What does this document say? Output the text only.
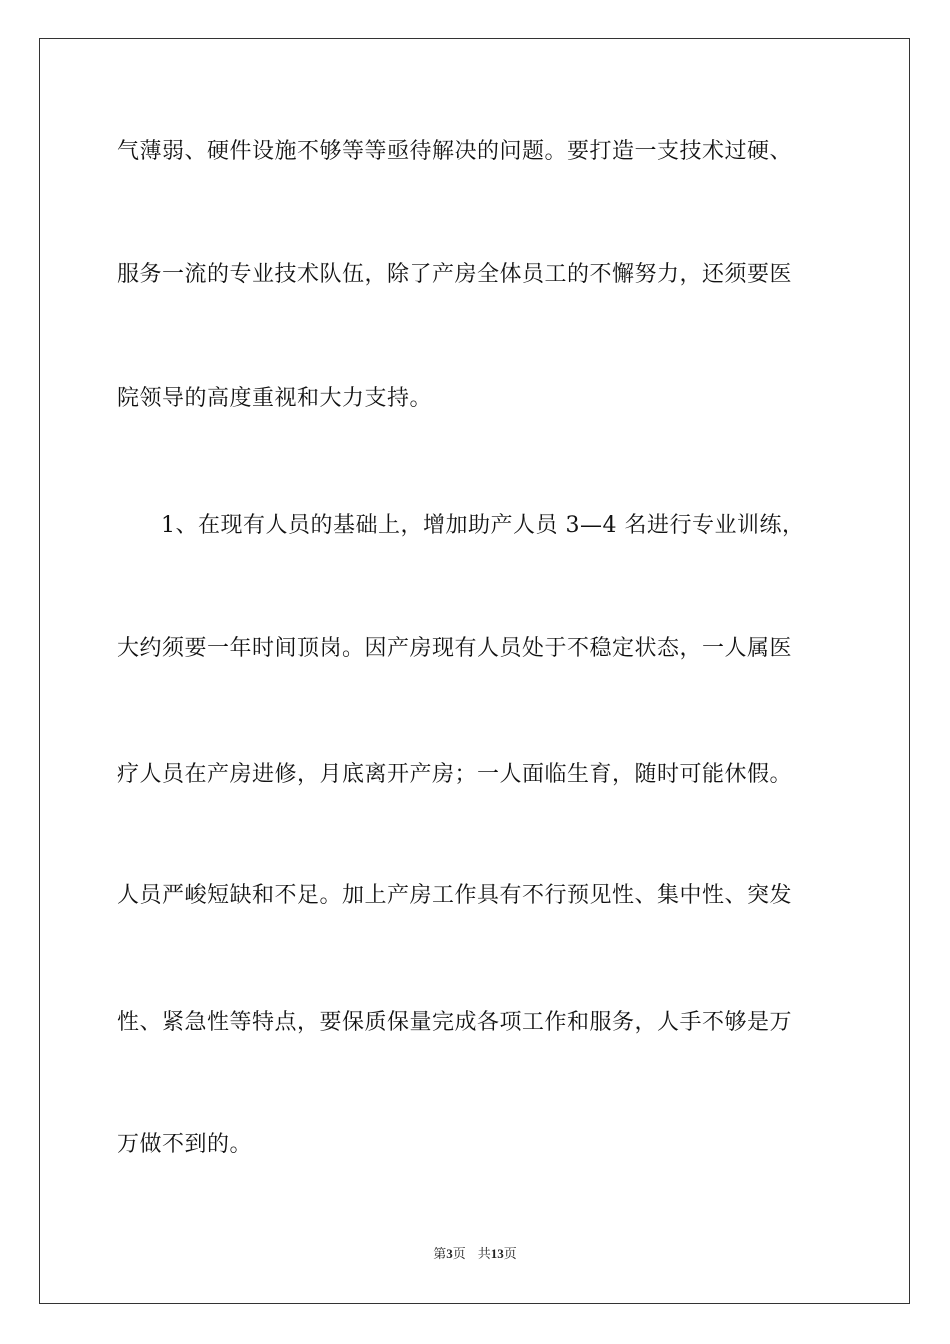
气薄弱、硬件设施不够等等亟待解决的问题。要打造一支技术过硬、
服务一流的专业技术队伍，除了产房全体员工的不懈努力，还须要医
院领导的高度重视和大力支持。
1、在现有人员的基础上，增加助产人员 3—4 名进行专业训练，
大约须要一年时间顶岗。因产房现有人员处于不稳定状态，一人属医
疗人员在产房进修，月底离开产房；一人面临生育，随时可能休假。
人员严峻短缺和不足。加上产房工作具有不行预见性、集中性、突发
性、紧急性等特点，要保质保量完成各项工作和服务，人手不够是万
万做不到的。
第3页 共13页
